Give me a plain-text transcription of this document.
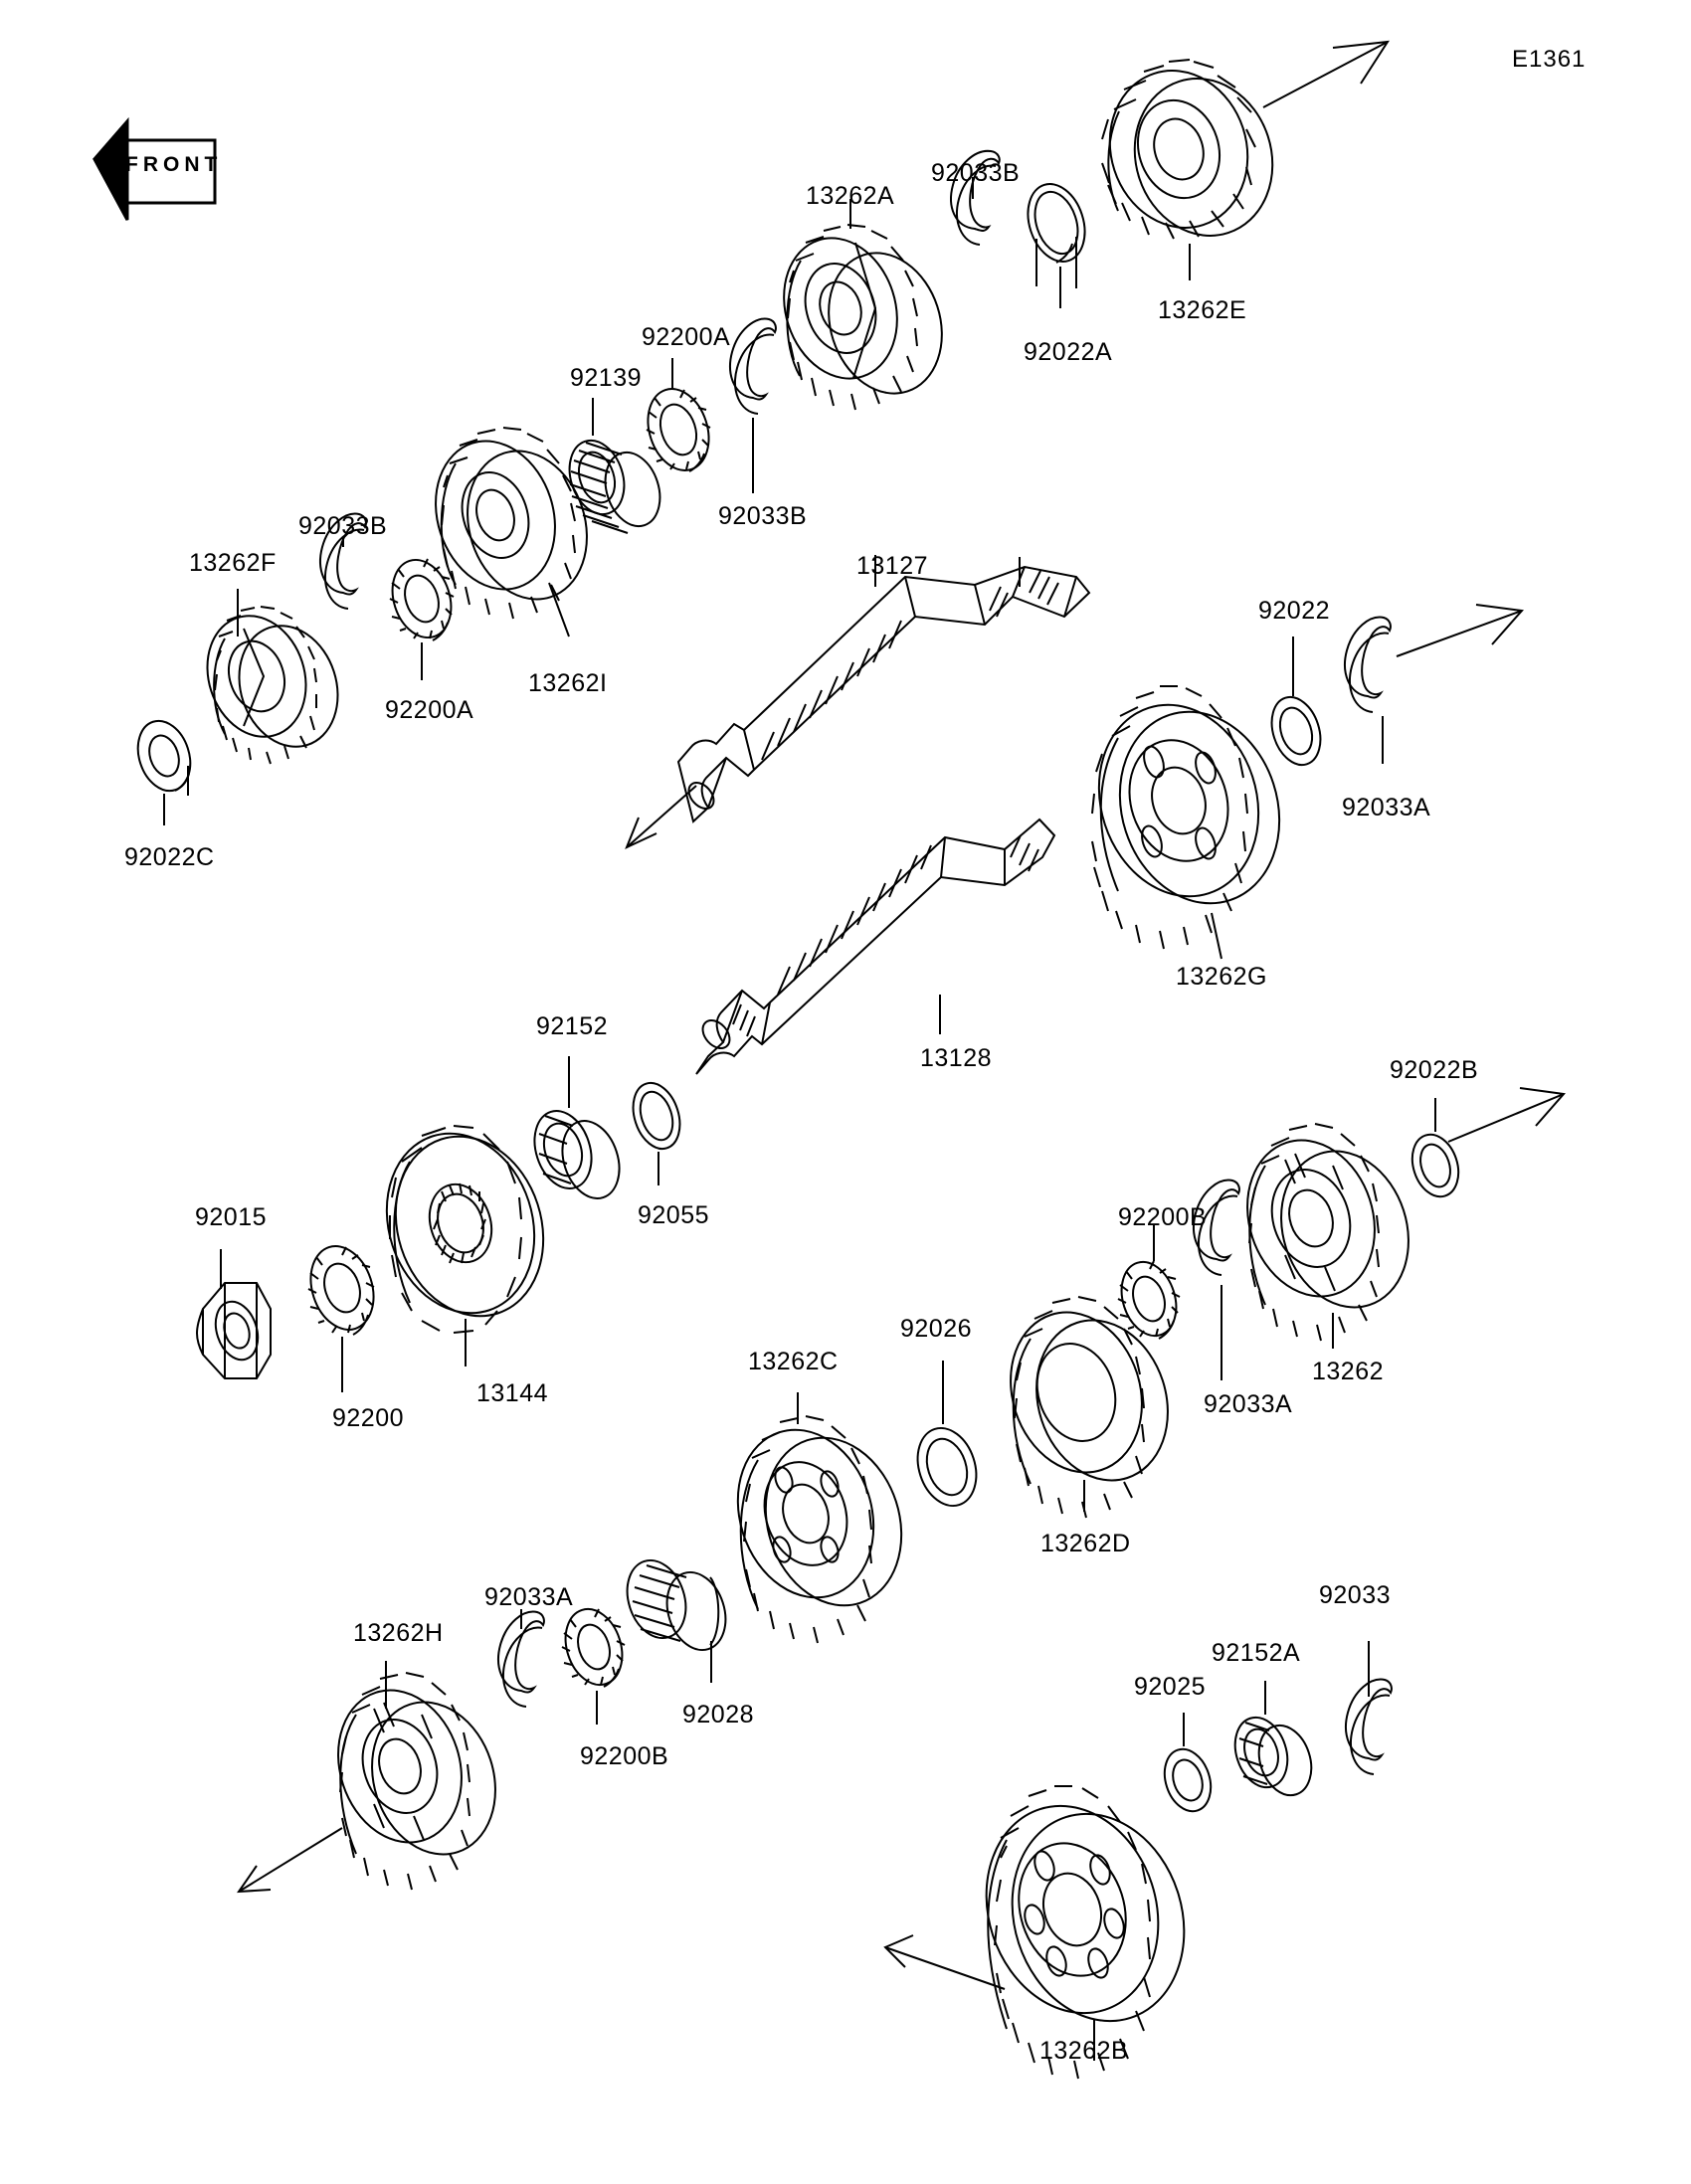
E1361
FRONT
13262A
92033B
92022A
13262E
92200A
92139
92033B
92033B
13262F
92200A
13262I
13127
92022
92033A
92022C
13262G
13128
92152
92055
92022B
92015
92200
13144
92200B
92033A
13262
92026
13262C
13262D
92033A
13262H
92200B
92028
92025
92152A
92033
13262B
